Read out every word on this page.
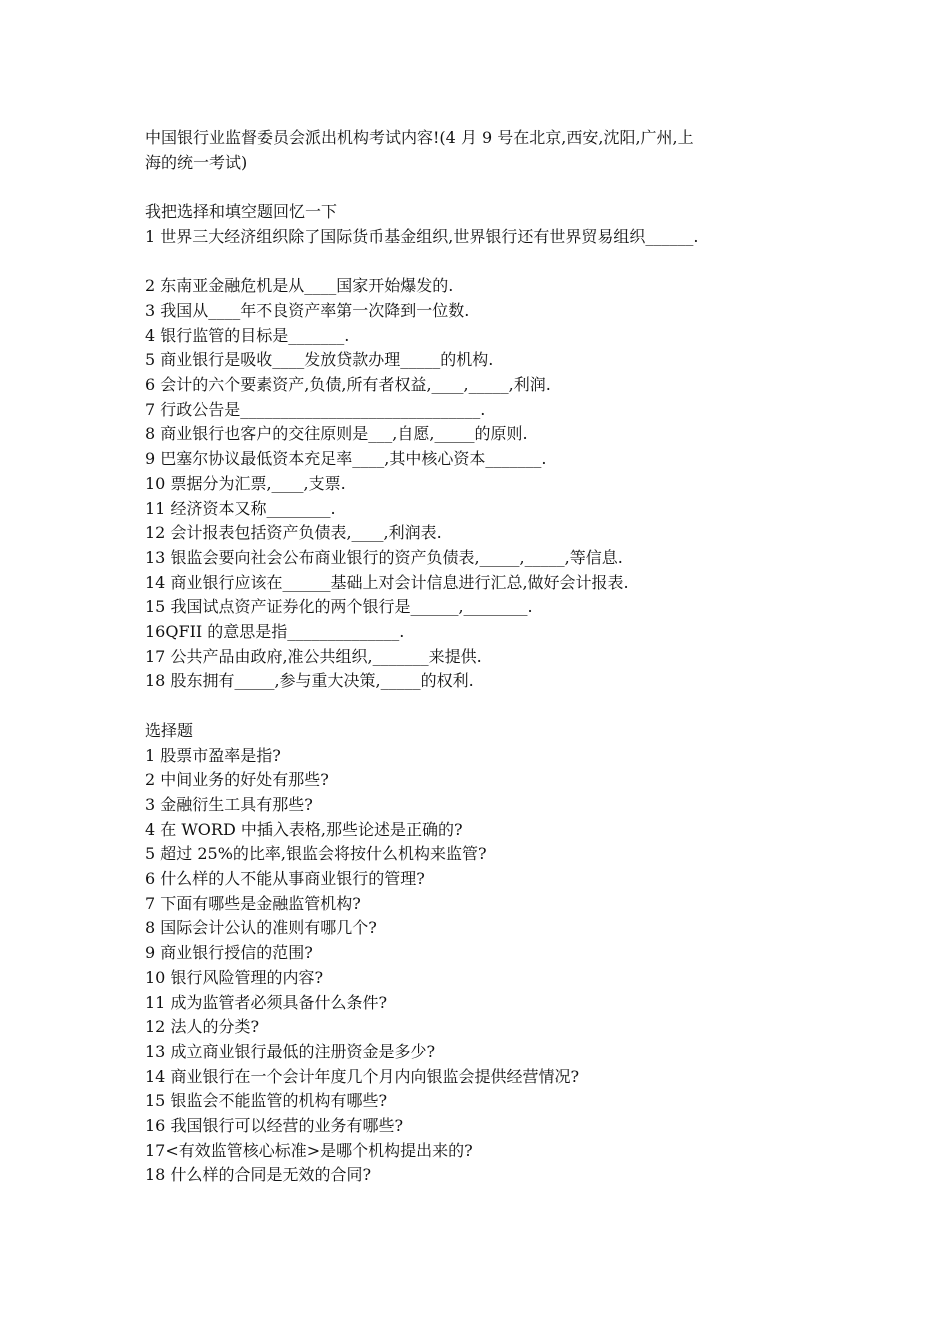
中国银行业监督委员会派出机构考试内容!(4 月 9 号在北京,西安,沈阳,广州,上
海的统一考试)
我把选择和填空题回忆一下
1 世界三大经济组织除了国际货币基金组织,世界银行还有世界贸易组织______.
2 东南亚金融危机是从____国家开始爆发的.
3 我国从____年不良资产率第一次降到一位数.
4 银行监管的目标是_______.
5 商业银行是吸收____发放贷款办理_____的机构.
6 会计的六个要素资产,负债,所有者权益,____,_____,利润.
7 行政公告是______________________________.
8 商业银行也客户的交往原则是___,自愿,_____的原则.
9 巴塞尔协议最低资本充足率____,其中核心资本_______.
10 票据分为汇票,____,支票.
11 经济资本又称________.
12 会计报表包括资产负债表,____,利润表.
13 银监会要向社会公布商业银行的资产负债表,_____,_____,等信息.
14 商业银行应该在______基础上对会计信息进行汇总,做好会计报表.
15 我国试点资产证券化的两个银行是______,________.
16QFII 的意思是指______________.
17 公共产品由政府,准公共组织,_______来提供.
18 股东拥有_____,参与重大决策,_____的权利.
选择题
1 股票市盈率是指?
2 中间业务的好处有那些?
3 金融衍生工具有那些?
4 在 WORD 中插入表格,那些论述是正确的?
5 超过 25%的比率,银监会将按什么机构来监管?
6 什么样的人不能从事商业银行的管理?
7 下面有哪些是金融监管机构?
8 国际会计公认的准则有哪几个?
9 商业银行授信的范围?
10 银行风险管理的内容?
11 成为监管者必须具备什么条件?
12 法人的分类?
13 成立商业银行最低的注册资金是多少?
14 商业银行在一个会计年度几个月内向银监会提供经营情况?
15 银监会不能监管的机构有哪些?
16 我国银行可以经营的业务有哪些?
17<有效监管核心标准>是哪个机构提出来的?
18 什么样的合同是无效的合同?
